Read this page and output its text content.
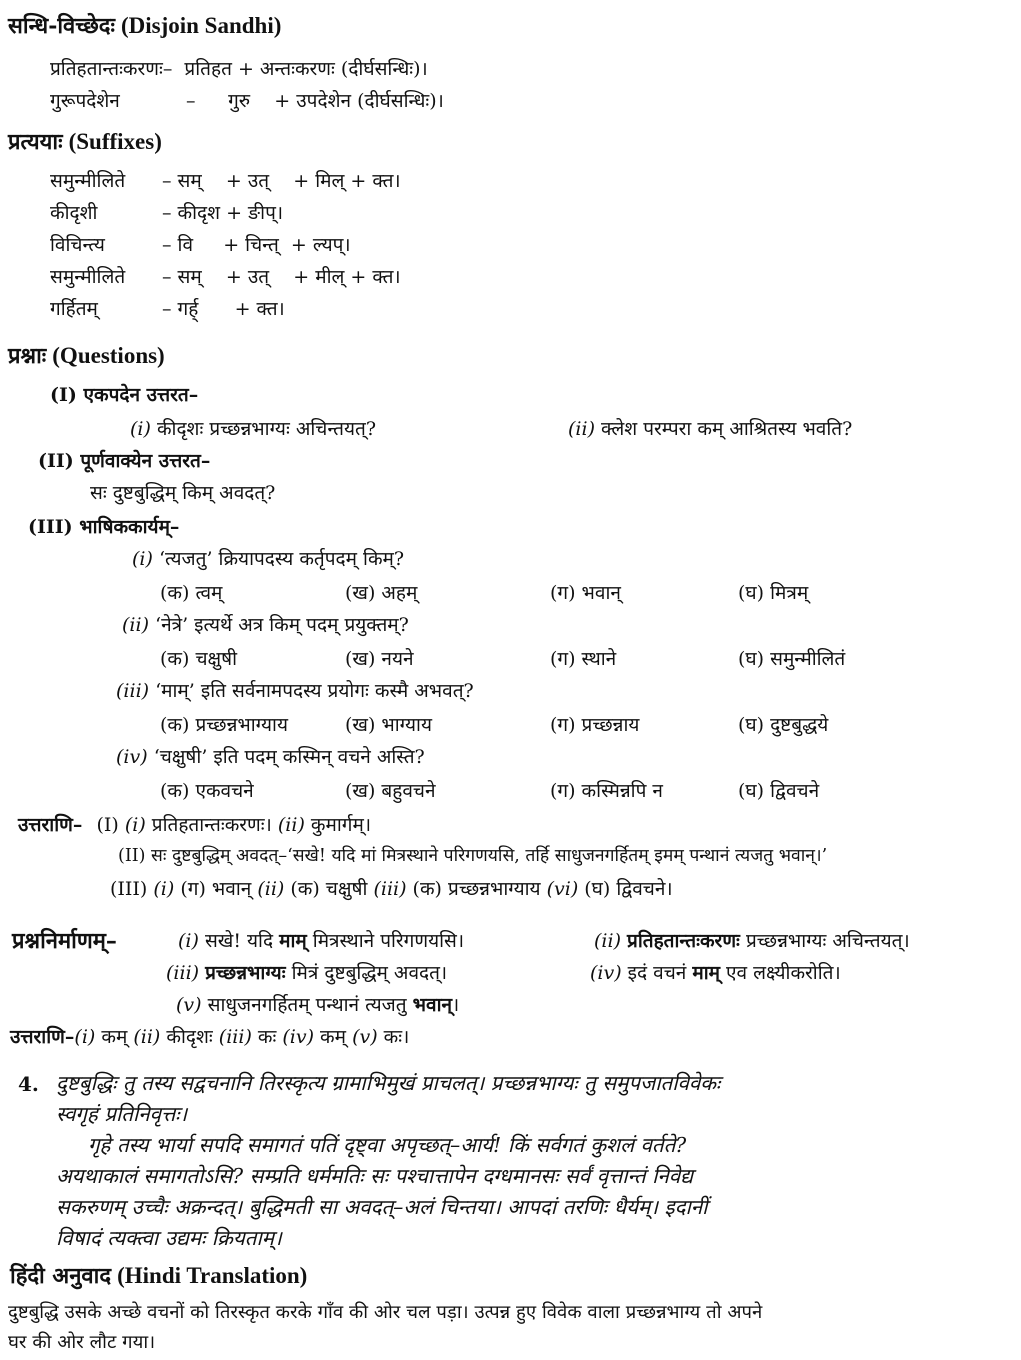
सन्धि-विच्छेदः (Disjoin Sandhi)
प्रतिहतान्तःकरणः– प्रतिहत + अन्तःकरणः (दीर्घसन्धिः)।
गुरूपदेशेन	– गुरु    + उपदेशेन (दीर्घसन्धिः)।
प्रत्ययाः (Suffixes)
समुन्मीलिते – सम्    + उत्    + मिल् + क्त।
कीदृशी	– कीदृश + ङीप्।
विचिन्त्य	– वि     + चिन्त्  + ल्यप्।
समुन्मीलिते – सम्    + उत्    + मील् + क्त।
गर्हितम्	– गर्ह्      + क्त।
प्रश्नाः (Questions)
(I) एकपदेन उत्तरत–
(i) कीदृशः प्रच्छन्नभाग्यः अचिन्तयत्?	(ii) क्लेश परम्परा कम् आश्रितस्य भवति?
(II) पूर्णवाक्येन उत्तरत–
सः दुष्टबुद्धिम् किम् अवदत्?
(III) भाषिककार्यम्–
(i) ‘त्यजतु’ क्रियापदस्य कर्तृपदम् किम्?
(क) त्वम्	(ख) अहम्	(ग) भवान्	(घ) मित्रम्
(ii) ‘नेत्रे’ इत्यर्थे अत्र किम् पदम् प्रयुक्तम्?
(क) चक्षुषी	(ख) नयने	(ग) स्थाने	(घ) समुन्मीलितं
(iii) ‘माम्’ इति सर्वनामपदस्य प्रयोगः कस्मै अभवत्?
(क) प्रच्छन्नभाग्याय	(ख) भाग्याय	(ग) प्रच्छन्नाय	(घ) दुष्टबुद्धये
(iv) ‘चक्षुषी’ इति पदम् कस्मिन् वचने अस्ति?
(क) एकवचने	(ख) बहुवचने	(ग) कस्मिन्नपि न	(घ) द्विवचने
उत्तराणि– (I) (i) प्रतिहतान्तःकरणः। (ii) कुमार्गम्।
(II) सः दुष्टबुद्धिम् अवदत्–‘सखे! यदि मां मित्रस्थाने परिगणयसि, तर्हि साधुजनगर्हितम् इमम् पन्थानं त्यजतु भवान्।’
(III) (i) (ग) भवान् (ii) (क) चक्षुषी (iii) (क) प्रच्छन्नभाग्याय (vi) (घ) द्विवचने।
प्रश्ननिर्माणम्–	(i) सखे! यदि माम् मित्रस्थाने परिगणयसि।	(ii) प्रतिहतान्तःकरणः प्रच्छन्नभाग्यः अचिन्तयत्।
(iii) प्रच्छन्नभाग्यः मित्रं दुष्टबुद्धिम् अवदत्।	(iv) इदं वचनं माम् एव लक्ष्यीकरोति।
(v) साधुजनगर्हितम् पन्थानं त्यजतु भवान्।
उत्तराणि–(i) कम् (ii) कीदृशः (iii) कः (iv) कम् (v) कः।
4. दुष्टबुद्धिः तु तस्य सद्वचनानि तिरस्कृत्य ग्रामाभिमुखं प्राचलत्। प्रच्छन्नभाग्यः तु समुपजातविवेकः
स्वगृहं प्रतिनिवृत्तः।
गृहे तस्य भार्या सपदि समागतं पतिं दृष्ट्वा अपृच्छत्–आर्य! किं सर्वगतं कुशलं वर्तते?
अयथाकालं समागतोऽसि? सम्प्रति धर्ममतिः सः पश्चात्तापेन दग्धमानसः सर्वं वृत्तान्तं निवेद्य
सकरुणम् उच्चैः अक्रन्दत्। बुद्धिमती सा अवदत्–अलं चिन्तया। आपदां तरणिः धैर्यम्। इदानीं
विषादं त्यक्त्वा उद्यमः क्रियताम्।
हिंदी अनुवाद (Hindi Translation)
दुष्टबुद्धि उसके अच्छे वचनों को तिरस्कृत करके गाँव की ओर चल पड़ा। उत्पन्न हुए विवेक वाला प्रच्छन्नभाग्य तो अपने
घर की ओर लौट गया।
